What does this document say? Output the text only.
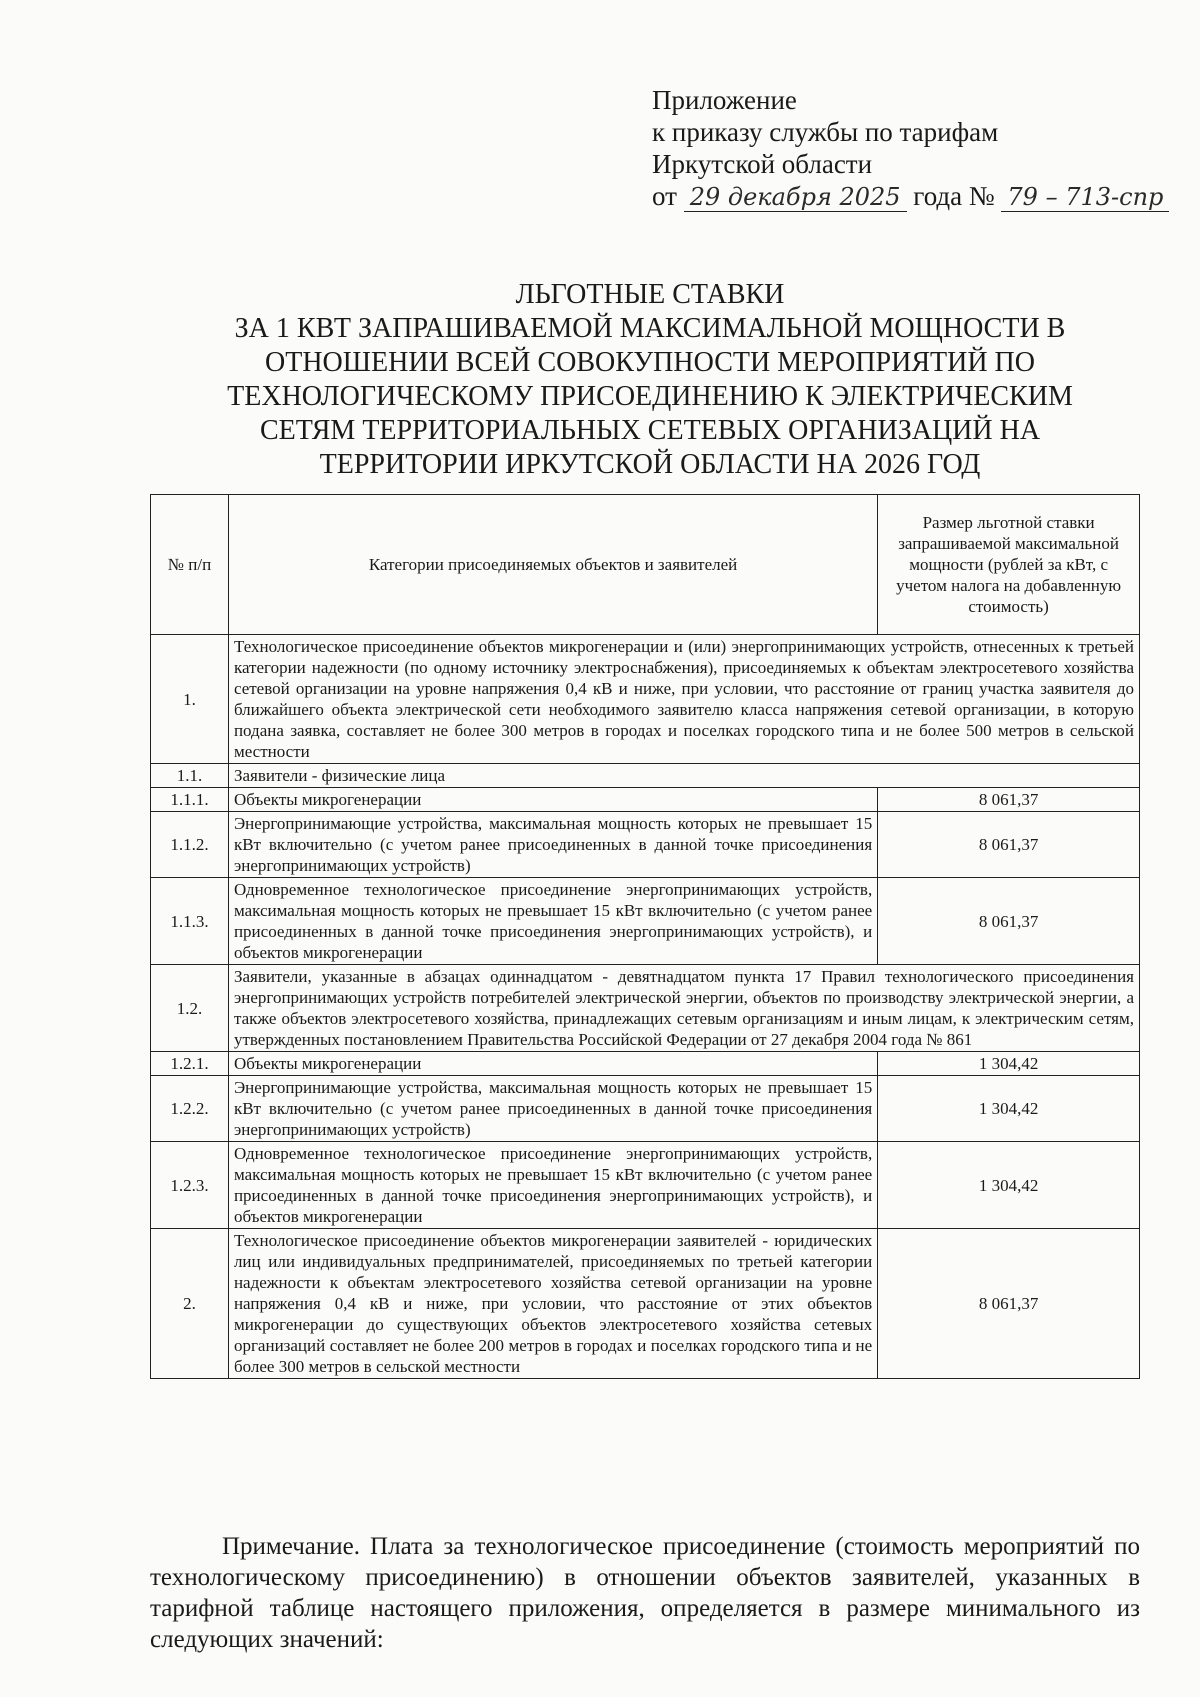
Приложение
к приказу службы по тарифам
Иркутской области
от 29 декабря 2025 года № 79 – 713-спр
ЛЬГОТНЫЕ СТАВКИ
ЗА 1 КВТ ЗАПРАШИВАЕМОЙ МАКСИМАЛЬНОЙ МОЩНОСТИ В
ОТНОШЕНИИ ВСЕЙ СОВОКУПНОСТИ МЕРОПРИЯТИЙ ПО
ТЕХНОЛОГИЧЕСКОМУ ПРИСОЕДИНЕНИЮ К ЭЛЕКТРИЧЕСКИМ
СЕТЯМ ТЕРРИТОРИАЛЬНЫХ СЕТЕВЫХ ОРГАНИЗАЦИЙ НА
ТЕРРИТОРИИ ИРКУТСКОЙ ОБЛАСТИ НА 2026 ГОД
№ п/п	Категории присоединяемых объектов и заявителей	Размер льготной ставки запрашиваемой максимальной мощности (рублей за кВт, с учетом налога на добавленную стоимость)
1.	Технологическое присоединение объектов микрогенерации и (или) энергопринимающих устройств, отнесенных к третьей категории надежности (по одному источнику электроснабжения), присоединяемых к объектам электросетевого хозяйства сетевой организации на уровне напряжения 0,4 кВ и ниже, при условии, что расстояние от границ участка заявителя до ближайшего объекта электрической сети необходимого заявителю класса напряжения сетевой организации, в которую подана заявка, составляет не более 300 метров в городах и поселках городского типа и не более 500 метров в сельской местности	
1.1.	Заявители - физические лица	
1.1.1.	Объекты микрогенерации	8 061,37
1.1.2.	Энергопринимающие устройства, максимальная мощность которых не превышает 15 кВт включительно (с учетом ранее присоединенных в данной точке присоединения энергопринимающих устройств)	8 061,37
1.1.3.	Одновременное технологическое присоединение энергопринимающих устройств, максимальная мощность которых не превышает 15 кВт включительно (с учетом ранее присоединенных в данной точке присоединения энергопринимающих устройств), и объектов микрогенерации	8 061,37
1.2.	Заявители, указанные в абзацах одиннадцатом - девятнадцатом пункта 17 Правил технологического присоединения энергопринимающих устройств потребителей электрической энергии, объектов по производству электрической энергии, а также объектов электросетевого хозяйства, принадлежащих сетевым организациям и иным лицам, к электрическим сетям, утвержденных постановлением Правительства Российской Федерации от 27 декабря 2004 года № 861	
1.2.1.	Объекты микрогенерации	1 304,42
1.2.2.	Энергопринимающие устройства, максимальная мощность которых не превышает 15 кВт включительно (с учетом ранее присоединенных в данной точке присоединения энергопринимающих устройств)	1 304,42
1.2.3.	Одновременное технологическое присоединение энергопринимающих устройств, максимальная мощность которых не превышает 15 кВт включительно (с учетом ранее присоединенных в данной точке присоединения энергопринимающих устройств), и объектов микрогенерации	1 304,42
2.	Технологическое присоединение объектов микрогенерации заявителей - юридических лиц или индивидуальных предпринимателей, присоединяемых по третьей категории надежности к объектам электросетевого хозяйства сетевой организации на уровне напряжения 0,4 кВ и ниже, при условии, что расстояние от этих объектов микрогенерации до существующих объектов электросетевого хозяйства сетевых организаций составляет не более 200 метров в городах и поселках городского типа и не более 300 метров в сельской местности	8 061,37
Примечание. Плата за технологическое присоединение (стоимость мероприятий по технологическому присоединению) в отношении объектов заявителей, указанных в тарифной таблице настоящего приложения, определяется в размере минимального из следующих значений:
